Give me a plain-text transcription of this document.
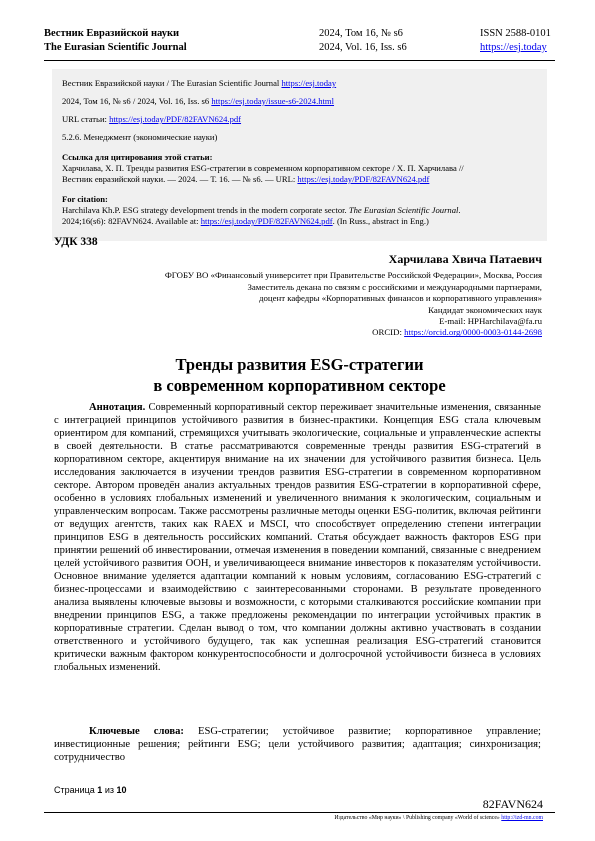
Вестник Евразийской науки
The Eurasian Scientific Journal
2024, Том 16, № s6
2024, Vol. 16, Iss. s6
ISSN 2588-0101
https://esj.today

Вестник Евразийской науки / The Eurasian Scientific Journal https://esj.today

2024, Том 16, № s6 / 2024, Vol. 16, Iss. s6 https://esj.today/issue-s6-2024.html

URL статьи: https://esj.today/PDF/82FAVN624.pdf

5.2.6. Менеджмент (экономические науки)

Ссылка для цитирования этой статьи:
Харчилава, Х. П. Тренды развития ESG-стратегии в современном корпоративном секторе / Х. П. Харчилава //
Вестник евразийской науки. — 2024. — Т. 16. — № s6. — URL: https://esj.today/PDF/82FAVN624.pdf

For citation:
Harchilava Kh.P. ESG strategy development trends in the modern corporate sector. The Eurasian Scientific Journal.
2024;16(s6): 82FAVN624. Available at: https://esj.today/PDF/82FAVN624.pdf. (In Russ., abstract in Eng.)

УДК 338
Харчилава Хвича Патаевич
ФГОБУ ВО «Финансовый университет при Правительстве Российской Федерации», Москва, Россия
Заместитель декана по связям с российскими и международными партнерами,
доцент кафедры «Корпоративных финансов и корпоративного управления»
Кандидат экономических наук
E-mail: HPHarchilava@fa.ru
ORCID: https://orcid.org/0000-0003-0144-2698
Тренды развития ESG-стратегии
в современном корпоративном секторе
Аннотация. Современный корпоративный сектор переживает значительные изменения, связанные с интеграцией принципов устойчивого развития в бизнес-практики. Концепция ESG стала ключевым ориентиром для компаний, стремящихся учитывать экологические, социальные и управленческие аспекты в своей деятельности. В статье рассматриваются современные тренды развития ESG-стратегий в корпоративном секторе, акцентируя внимание на их значении для устойчивого развития бизнеса. Цель исследования заключается в изучении трендов развития ESG-стратегии в современном корпоративном секторе. Автором проведён анализ актуальных трендов развития ESG-стратегии в корпоративной сфере, особенно в условиях глобальных изменений и увеличенного внимания к экологическим, социальным и управленческим вопросам. Также рассмотрены различные методы оценки ESG-политик, включая рейтинги от ведущих агентств, таких как RAEX и MSCI, что способствует определению степени интеграции принципов ESG в деятельность российских компаний. Статья обсуждает важность факторов ESG при принятии решений об инвестировании, отмечая изменения в поведении компаний, связанные с внедрением целей устойчивого развития ООН, и увеличивающееся внимание инвесторов к показателям устойчивости. Основное внимание уделяется адаптации компаний к новым условиям, согласованию ESG-стратегий с бизнес-процессами и взаимодействию с заинтересованными сторонами. В результате проведенного анализа выявлены ключевые вызовы и возможности, с которыми сталкиваются российские компании при внедрении принципов ESG, а также предложены рекомендации по интеграции устойчивых практик в корпоративные стратегии. Сделан вывод о том, что компании должны активно участвовать в создании ответственного и устойчивого будущего, так как успешная реализация ESG-стратегий становится критически важным фактором конкурентоспособности и долгосрочной устойчивости бизнеса в условиях глобальных изменений.
Ключевые слова: ESG-стратегии; устойчивое развитие; корпоративное управление; инвестиционные решения; рейтинги ESG; цели устойчивого развития; адаптация; синхронизация; сотрудничество
Страница 1 из 10
82FAVN624
Издательство «Мир науки» \ Publishing company «World of science» http://izd-mn.com
